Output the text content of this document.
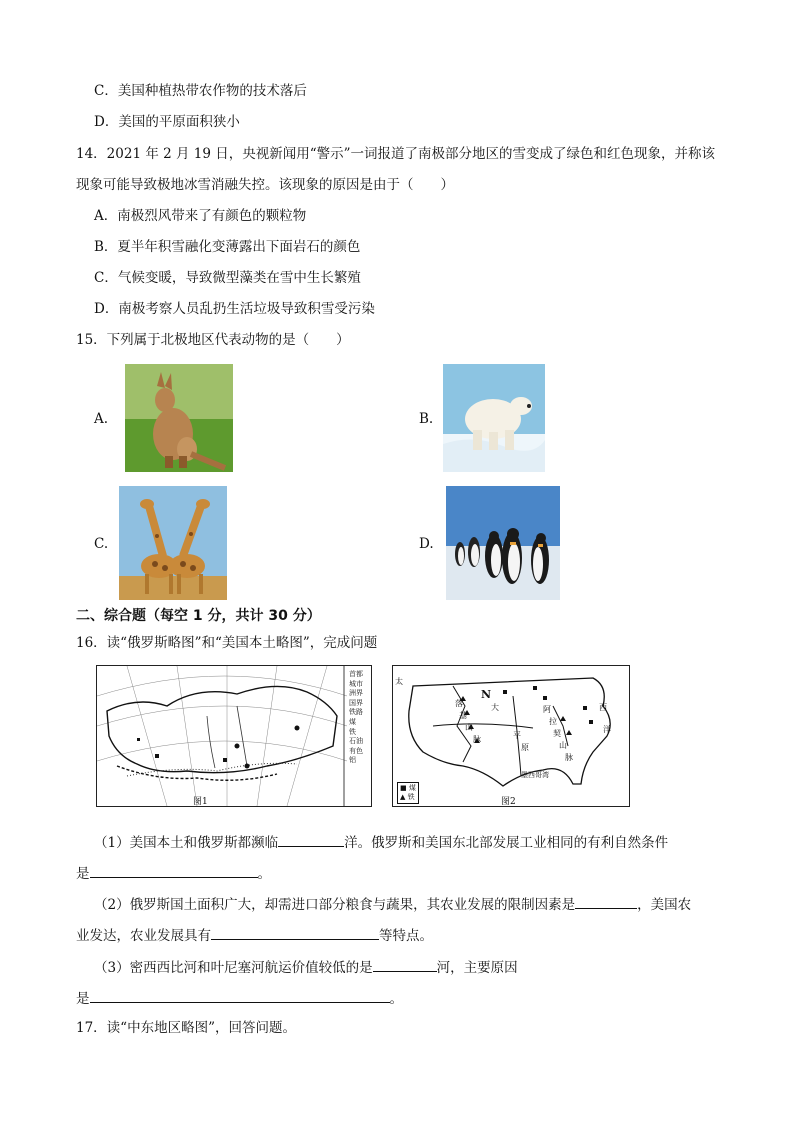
C．美国种植热带农作物的技术落后
D．美国的平原面积狭小
14．2021 年 2 月 19 日，央视新闻用“警示”一词报道了南极部分地区的雪变成了绿色和红色现象，并称该
现象可能导致极地冰雪消融失控。该现象的原因是由于（　　）
A．南极烈风带来了有颜色的颗粒物
B．夏半年积雪融化变薄露出下面岩石的颜色
C．气候变暖，导致微型藻类在雪中生长繁殖
D．南极考察人员乱扔生活垃圾导致积雪受污染
15．下列属于北极地区代表动物的是（　　）
A.	B.
C.	D.
二、综合题（每空 1 分，共计 30 分）
16．读“俄罗斯略图”和“美国本土略图”，完成问题
首都
城市
洲界
国界
铁路
煤
铁
石油
有色
铝
图1
太
N
大
落
基
山
脉	平
原
阿
拉
契
山
脉
西
洋
墨西哥湾
■ 煤
▲ 铁	图2
（1）美国本土和俄罗斯都濒临	洋。俄罗斯和美国东北部发展工业相同的有利自然条件
是	。
（2）俄罗斯国土面积广大，却需进口部分粮食与蔬果，其农业发展的限制因素是	，美国农
业发达，农业发展具有	等特点。
（3）密西西比河和叶尼塞河航运价值较低的是	河，主要原因
是	。
17．读“中东地区略图”，回答问题。
